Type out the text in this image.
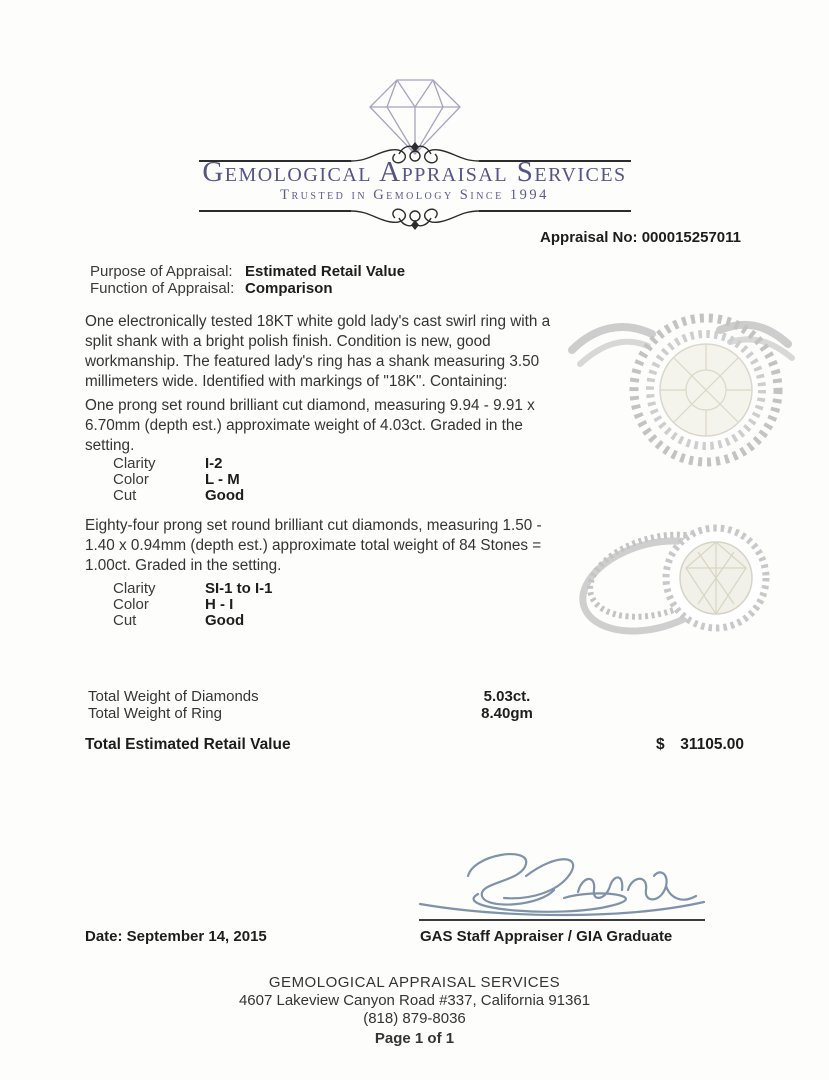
Gemological Appraisal Services
Trusted in Gemology Since 1994
Appraisal No: 000015257011
Purpose of Appraisal: Estimated Retail Value
Function of Appraisal: Comparison
One electronically tested 18KT white gold lady's cast swirl ring with a split shank with a bright polish finish. Condition is new, good workmanship. The featured lady's ring has a shank measuring 3.50 millimeters wide. Identified with markings of "18K". Containing:
One prong set round brilliant cut diamond, measuring 9.94 - 9.91 x 6.70mm (depth est.) approximate weight of 4.03ct. Graded in the setting.
Clarity	I-2
Color	L - M
Cut	Good
Eighty-four prong set round brilliant cut diamonds, measuring 1.50 - 1.40 x 0.94mm (depth est.) approximate total weight of 84 Stones = 1.00ct. Graded in the setting.
Clarity	SI-1 to I-1
Color	H - I
Cut	Good
Total Weight of Diamonds	5.03ct.
Total Weight of Ring	8.40gm
Total Estimated Retail Value	$ 31105.00
Date: September 14, 2015	GAS Staff Appraiser / GIA Graduate
GEMOLOGICAL APPRAISAL SERVICES
4607 Lakeview Canyon Road #337, California 91361
(818) 879-8036
Page 1 of 1
